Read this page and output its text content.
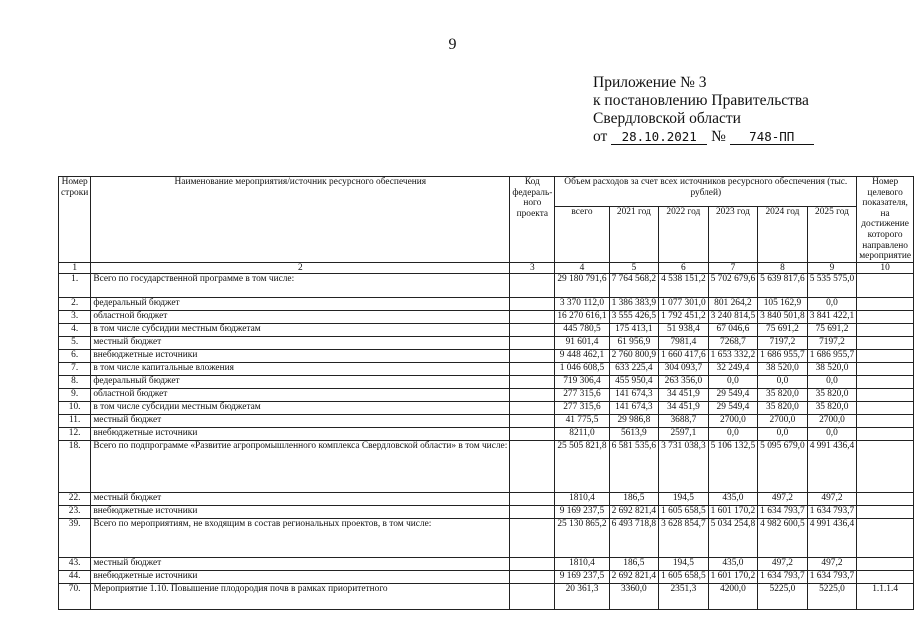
9
Приложение № 3
к постановлению Правительства
Свердловской области
от 28.10.2021 № 748-ПП
Номер строки	Наименование мероприятия/источник ресурсного обеспечения	Код федераль-ного проекта	Объем расходов за счет всех источников ресурсного обеспечения (тыс. рублей)						Номер целевого показателя, на достижение которого направлено мероприятие
			всего	2021 год	2022 год	2023 год	2024 год	2025 год	
1	2	3	4	5	6	7	8	9	10
1.	Всего по государственной программе в том числе:		29 180 791,6	7 764 568,2	4 538 151,2	5 702 679,6	5 639 817,6	5 535 575,0	
2.	федеральный бюджет		3 370 112,0	1 386 383,9	1 077 301,0	801 264,2	105 162,9	0,0	
3.	областной бюджет		16 270 616,1	3 555 426,5	1 792 451,2	3 240 814,5	3 840 501,8	3 841 422,1	
4.	в том числе субсидии местным бюджетам		445 780,5	175 413,1	51 938,4	67 046,6	75 691,2	75 691,2	
5.	местный бюджет		91 601,4	61 956,9	7981,4	7268,7	7197,2	7197,2	
6.	внебюджетные источники		9 448 462,1	2 760 800,9	1 660 417,6	1 653 332,2	1 686 955,7	1 686 955,7	
7.	в том числе капитальные вложения		1 046 608,5	633 225,4	304 093,7	32 249,4	38 520,0	38 520,0	
8.	федеральный бюджет		719 306,4	455 950,4	263 356,0	0,0	0,0	0,0	
9.	областной бюджет		277 315,6	141 674,3	34 451,9	29 549,4	35 820,0	35 820,0	
10.	в том числе субсидии местным бюджетам		277 315,6	141 674,3	34 451,9	29 549,4	35 820,0	35 820,0	
11.	местный бюджет		41 775,5	29 986,8	3688,7	2700,0	2700,0	2700,0	
12.	внебюджетные источники		8211,0	5613,9	2597,1	0,0	0,0	0,0	
18.	Всего по подпрограмме «Развитие агропромышленного комплекса Свердловской области» в том числе:		25 505 821,8	6 581 535,6	3 731 038,3	5 106 132,5	5 095 679,0	4 991 436,4	
22.	местный бюджет		1810,4	186,5	194,5	435,0	497,2	497,2	
23.	внебюджетные источники		9 169 237,5	2 692 821,4	1 605 658,5	1 601 170,2	1 634 793,7	1 634 793,7	
39.	Всего по мероприятиям, не входящим в состав региональных проектов, в том числе:		25 130 865,2	6 493 718,8	3 628 854,7	5 034 254,8	4 982 600,5	4 991 436,4	
43.	местный бюджет		1810,4	186,5	194,5	435,0	497,2	497,2	
44.	внебюджетные источники		9 169 237,5	2 692 821,4	1 605 658,5	1 601 170,2	1 634 793,7	1 634 793,7	
70.	Мероприятие 1.10. Повышение плодородия почв в рамках приоритетного		20 361,3	3360,0	2351,3	4200,0	5225,0	5225,0	1.1.1.4
